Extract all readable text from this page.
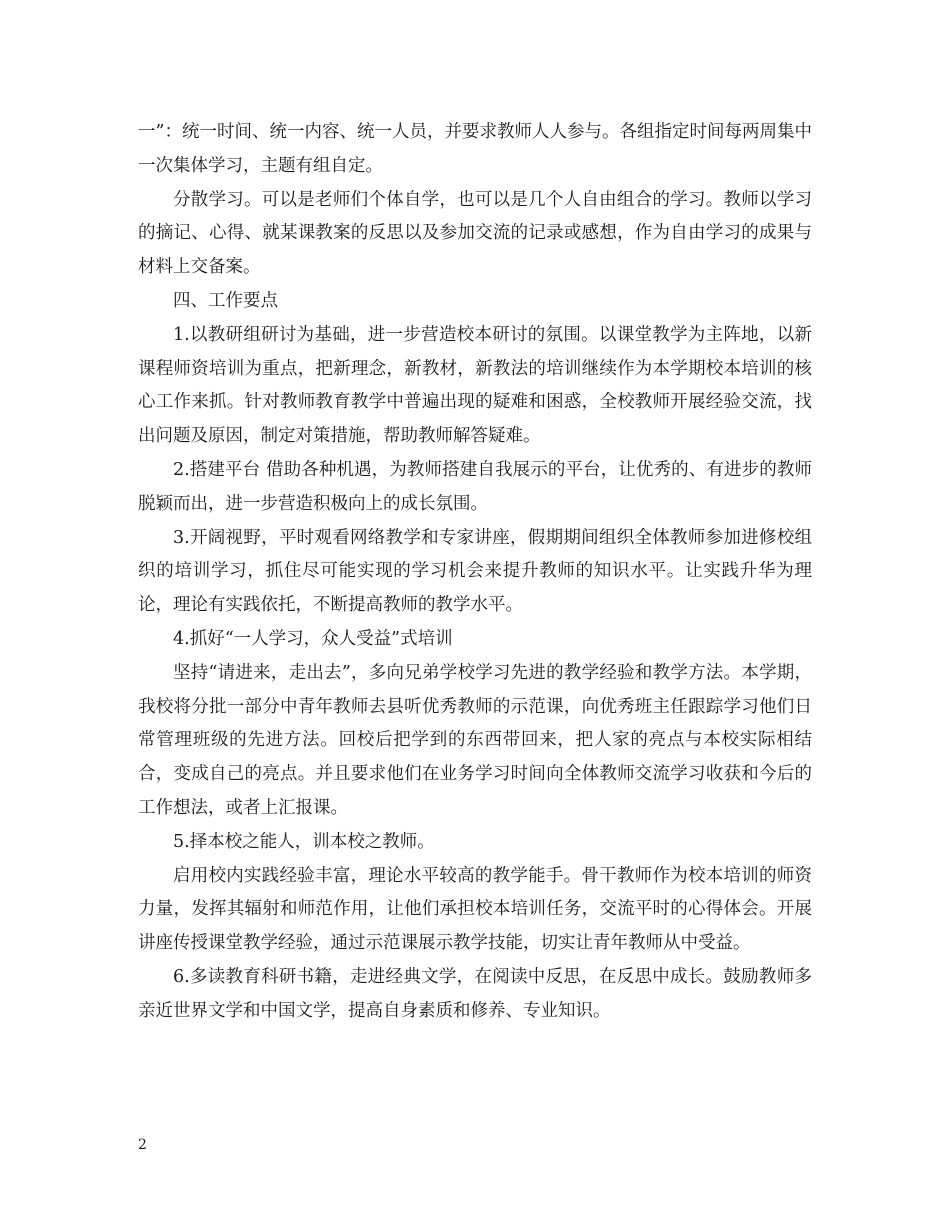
一”：统一时间、统一内容、统一人员，并要求教师人人参与。各组指定时间每两周集中一次集体学习，主题有组自定。

分散学习。可以是老师们个体自学，也可以是几个人自由组合的学习。教师以学习的摘记、心得、就某课教案的反思以及参加交流的记录或感想，作为自由学习的成果与材料上交备案。

四、工作要点

1.以教研组研讨为基础，进一步营造校本研讨的氛围。以课堂教学为主阵地，以新课程师资培训为重点，把新理念，新教材，新教法的培训继续作为本学期校本培训的核心工作来抓。针对教师教育教学中普遍出现的疑难和困惑，全校教师开展经验交流，找出问题及原因，制定对策措施，帮助教师解答疑难。

2.搭建平台 借助各种机遇，为教师搭建自我展示的平台，让优秀的、有进步的教师脱颖而出，进一步营造积极向上的成长氛围。

3.开阔视野，平时观看网络教学和专家讲座，假期期间组织全体教师参加进修校组织的培训学习，抓住尽可能实现的学习机会来提升教师的知识水平。让实践升华为理论，理论有实践依托，不断提高教师的教学水平。

4.抓好“一人学习，众人受益”式培训

坚持“请进来，走出去”，多向兄弟学校学习先进的教学经验和教学方法。本学期，我校将分批一部分中青年教师去县听优秀教师的示范课，向优秀班主任跟踪学习他们日常管理班级的先进方法。回校后把学到的东西带回来，把人家的亮点与本校实际相结合，变成自己的亮点。并且要求他们在业务学习时间向全体教师交流学习收获和今后的工作想法，或者上汇报课。

5.择本校之能人，训本校之教师。

启用校内实践经验丰富，理论水平较高的教学能手。骨干教师作为校本培训的师资力量，发挥其辐射和师范作用，让他们承担校本培训任务，交流平时的心得体会。开展讲座传授课堂教学经验，通过示范课展示教学技能，切实让青年教师从中受益。

6.多读教育科研书籍，走进经典文学，在阅读中反思，在反思中成长。鼓励教师多亲近世界文学和中国文学，提高自身素质和修养、专业知识。

2
